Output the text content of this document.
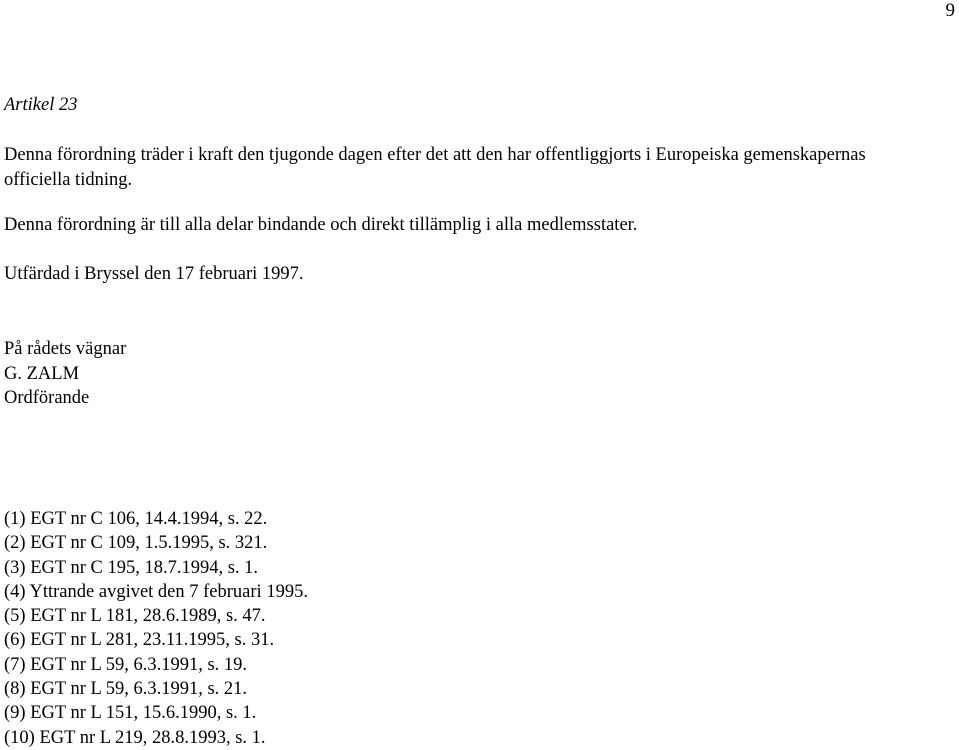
9
Artikel 23

Denna förordning träder i kraft den tjugonde dagen efter det att den har offentliggjorts i Europeiska gemenskapernas officiella tidning.

Denna förordning är till alla delar bindande och direkt tillämplig i alla medlemsstater.

Utfärdad i Bryssel den 17 februari 1997.

På rådets vägnar
G. ZALM
Ordförande
(1) EGT nr C 106, 14.4.1994, s. 22.
(2) EGT nr C 109, 1.5.1995, s. 321.
(3) EGT nr C 195, 18.7.1994, s. 1.
(4) Yttrande avgivet den 7 februari 1995.
(5) EGT nr L 181, 28.6.1989, s. 47.
(6) EGT nr L 281, 23.11.1995, s. 31.
(7) EGT nr L 59, 6.3.1991, s. 19.
(8) EGT nr L 59, 6.3.1991, s. 21.
(9) EGT nr L 151, 15.6.1990, s. 1.
(10) EGT nr L 219, 28.8.1993, s. 1.
